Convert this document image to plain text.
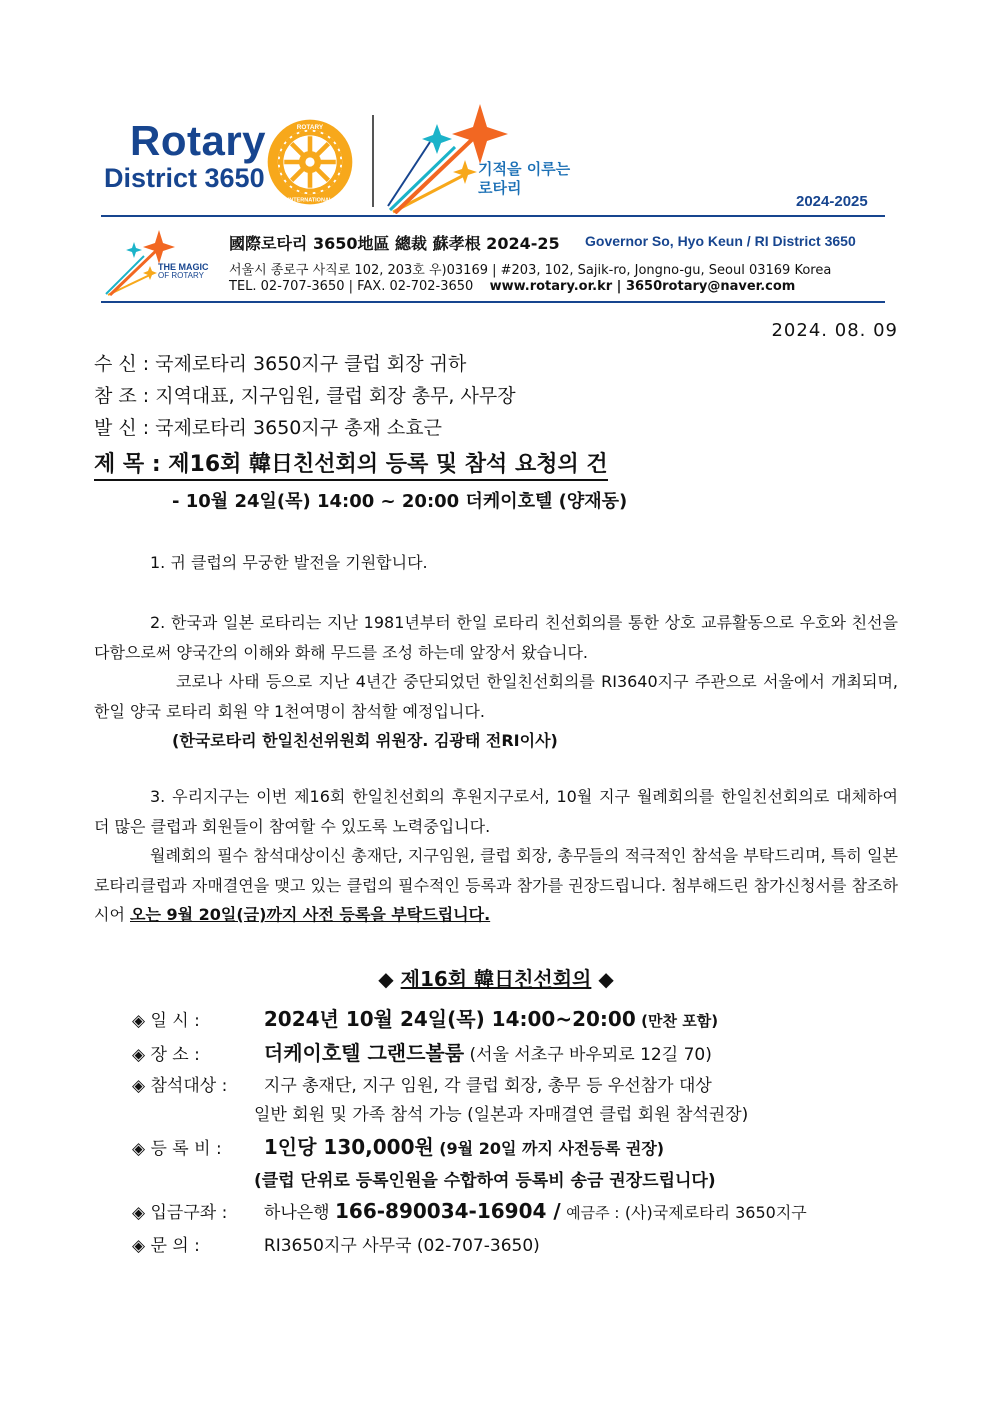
Rotary
District 3650
ROTARY
INTERNATIONAL
기적을 이루는
로타리
2024-2025
THE MAGIC
OF ROTARY
國際로타리 3650地區 總裁 蘇孝根 2024-25 Governor So, Hyo Keun / RI District 3650
서울시 종로구 사직로 102, 203호 우)03169 | #203, 102, Sajik-ro, Jongno-gu, Seoul 03169 Korea
TEL. 02-707-3650 | FAX. 02-702-3650 www.rotary.or.kr | 3650rotary@naver.com
2024. 08. 09
수 신 : 국제로타리 3650지구 클럽 회장 귀하
참 조 : 지역대표, 지구임원, 클럽 회장 총무, 사무장
발 신 : 국제로타리 3650지구 총재 소효근
제 목 : 제16회 韓日친선회의 등록 및 참석 요청의 건
- 10월 24일(목) 14:00 ~ 20:00 더케이호텔 (양재동)

1. 귀 클럽의 무궁한 발전을 기원합니다.

2. 한국과 일본 로타리는 지난 1981년부터 한일 로타리 친선회의를 통한 상호 교류활동으로 우호와 친선을 다함으로써 양국간의 이해와 화해 무드를 조성 하는데 앞장서 왔습니다.

코로나 사태 등으로 지난 4년간 중단되었던 한일친선회의를 RI3640지구 주관으로 서울에서 개최되며, 한일 양국 로타리 회원 약 1천여명이 참석할 예정입니다.

(한국로타리 한일친선위원회 위원장. 김광태 전RI이사)

3. 우리지구는 이번 제16회 한일친선회의 후원지구로서, 10월 지구 월례회의를 한일친선회의로 대체하여 더 많은 클럽과 회원들이 참여할 수 있도록 노력중입니다.

월례회의 필수 참석대상이신 총재단, 지구임원, 클럽 회장, 총무들의 적극적인 참석을 부탁드리며, 특히 일본 로타리클럽과 자매결연을 맺고 있는 클럽의 필수적인 등록과 참가를 권장드립니다. 첨부해드린 참가신청서를 참조하시어 오는 9월 20일(금)까지 사전 등록을 부탁드립니다.

◆ 제16회 韓日친선회의 ◆
◈ 일 시 :	2024년 10월 24일(목) 14:00~20:00 (만찬 포함)
◈ 장 소 :	더케이호텔 그랜드볼룸 (서울 서초구 바우뫼로 12길 70)
◈ 참석대상 : 지구 총재단, 지구 임원, 각 클럽 회장, 총무 등 우선참가 대상
일반 회원 및 가족 참석 가능 (일본과 자매결연 클럽 회원 참석권장)
◈ 등 록 비 : 1인당 130,000원 (9월 20일 까지 사전등록 권장)
(클럽 단위로 등록인원을 수합하여 등록비 송금 권장드립니다)
◈ 입금구좌 : 하나은행 166-890034-16904 / 예금주 : (사)국제로타리 3650지구
◈ 문 의 :	RI3650지구 사무국 (02-707-3650)
